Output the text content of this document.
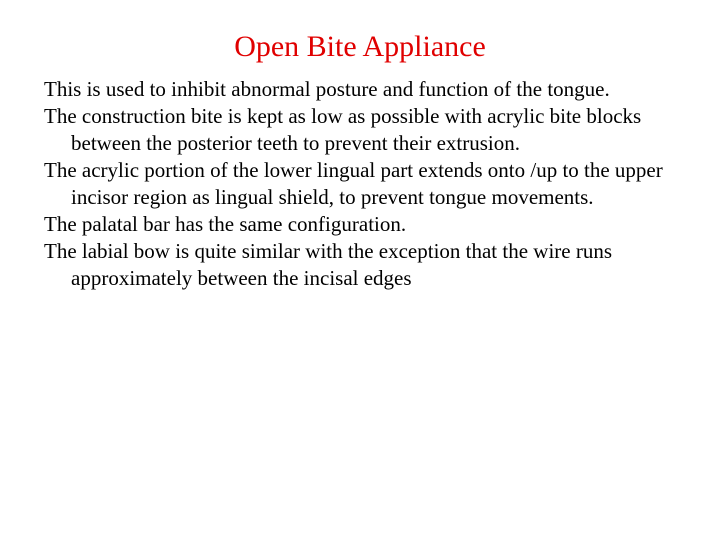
Open Bite Appliance
This is used to inhibit abnormal posture and function of the tongue.
The construction bite is kept as low as possible with acrylic bite blocks between the posterior teeth to prevent their extrusion.
The acrylic portion of the lower lingual part extends onto /up to the upper incisor region as lingual shield, to prevent tongue movements.
The palatal bar has the same configuration.
The labial bow is quite similar with the exception that the wire runs approximately between the incisal edges
